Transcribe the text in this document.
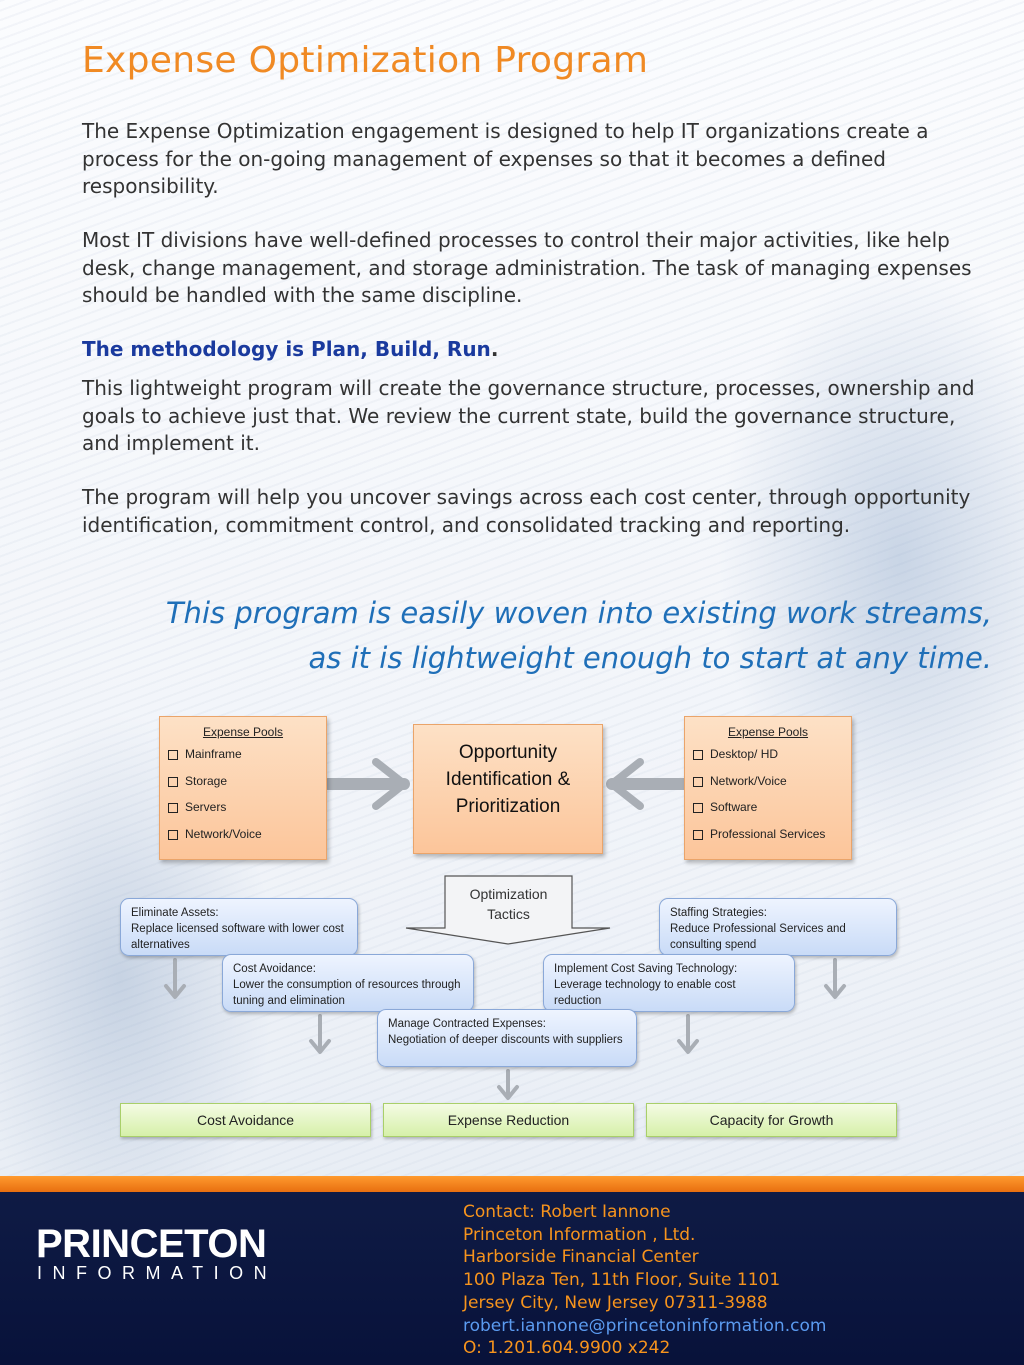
Expense Optimization Program

The Expense Optimization engagement is designed to help IT organizations create a process for the on-going management of expenses so that it becomes a defined responsibility.

Most IT divisions have well-defined processes to control their major activities, like help desk, change management, and storage administration. The task of managing expenses should be handled with the same discipline.

The methodology is Plan, Build, Run.

This lightweight program will create the governance structure, processes, ownership and goals to achieve just that. We review the current state, build the governance structure, and implement it.

The program will help you uncover savings across each cost center, through opportunity identification, commitment control, and consolidated tracking and reporting.

This program is easily woven into existing work streams,

as it is lightweight enough to start at any time.

Optimization
Tactics
Expense Pools
Mainframe
Storage
Servers
Network/Voice
Opportunity
Identification &
Prioritization
Expense Pools
Desktop/ HD
Network/Voice
Software
Professional Services
Eliminate Assets:
Replace licensed software with lower cost alternatives
Staffing Strategies:
Reduce Professional Services and consulting spend
Cost Avoidance:
Lower the consumption of resources through tuning and elimination
Implement Cost Saving Technology:
Leverage technology to enable cost reduction
Manage Contracted Expenses:
Negotiation of deeper discounts with suppliers
Cost Avoidance	Expense Reduction	Capacity for Growth
PRINCETON
INFORMATION
Contact: Robert Iannone
Princeton Information , Ltd.
Harborside Financial Center
100 Plaza Ten, 11th Floor, Suite 1101
Jersey City, New Jersey 07311-3988
robert.iannone@princetoninformation.com
O: 1.201.604.9900 x242
